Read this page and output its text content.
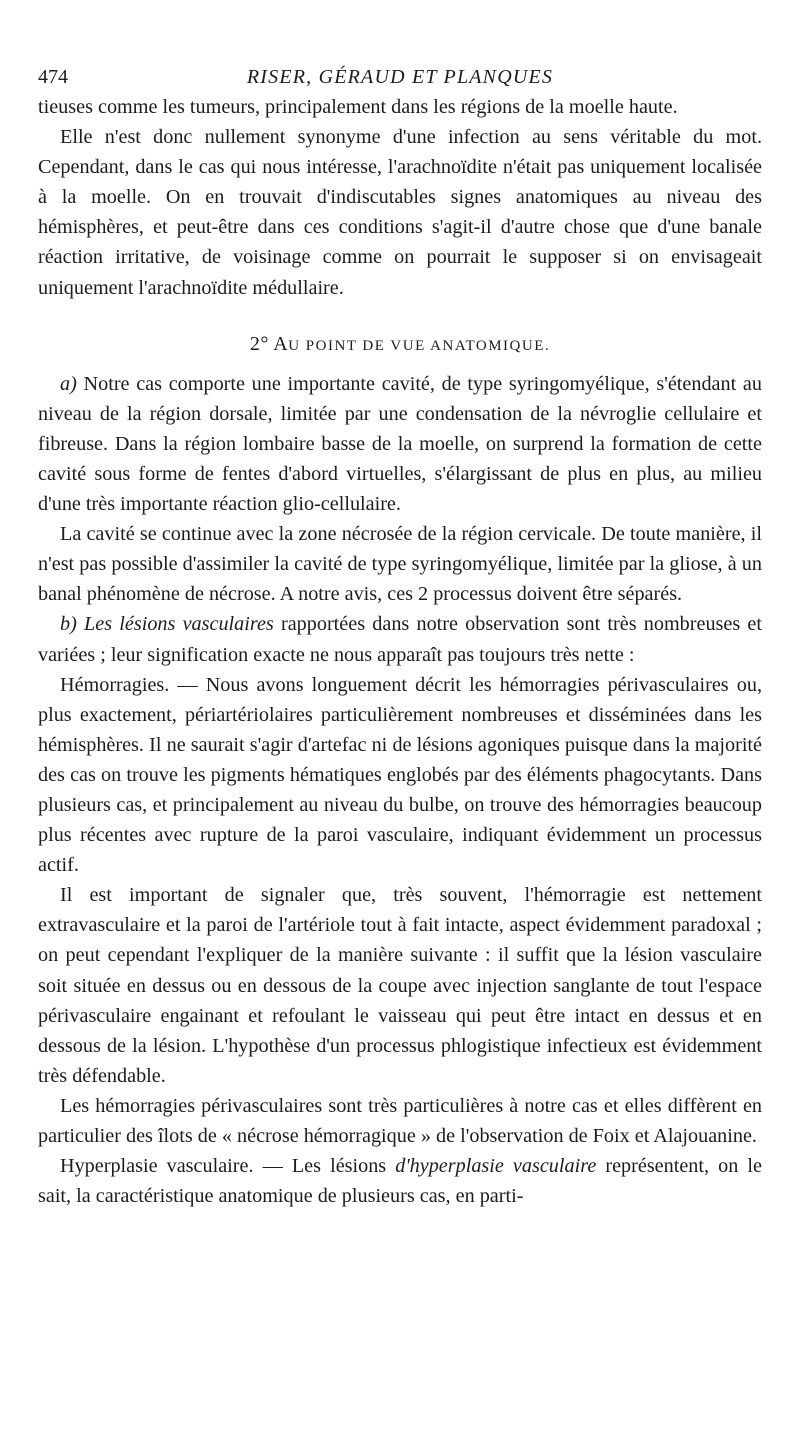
474	RISER, GÉRAUD ET PLANQUES

tieuses comme les tumeurs, principalement dans les régions de la moelle haute.

Elle n'est donc nullement synonyme d'une infection au sens véritable du mot. Cependant, dans le cas qui nous intéresse, l'arachnoïdite n'était pas uniquement localisée à la moelle. On en trouvait d'indiscutables signes anatomiques au niveau des hémisphères, et peut-être dans ces conditions s'agit-il d'autre chose que d'une banale réaction irritative, de voisinage comme on pourrait le supposer si on envisageait uniquement l'arachnoïdite médullaire.

2° AU POINT DE VUE ANATOMIQUE.

a) Notre cas comporte une importante cavité, de type syringomyélique, s'étendant au niveau de la région dorsale, limitée par une condensation de la névroglie cellulaire et fibreuse. Dans la région lombaire basse de la moelle, on surprend la formation de cette cavité sous forme de fentes d'abord virtuelles, s'élargissant de plus en plus, au milieu d'une très importante réaction glio-cellulaire.

La cavité se continue avec la zone nécrosée de la région cervicale. De toute manière, il n'est pas possible d'assimiler la cavité de type syringomyélique, limitée par la gliose, à un banal phénomène de nécrose. A notre avis, ces 2 processus doivent être séparés.

b) Les lésions vasculaires rapportées dans notre observation sont très nombreuses et variées ; leur signification exacte ne nous apparaît pas toujours très nette :

Hémorragies. — Nous avons longuement décrit les hémorragies périvasculaires ou, plus exactement, périartériolaires particulièrement nombreuses et disséminées dans les hémisphères. Il ne saurait s'agir d'artefac ni de lésions agoniques puisque dans la majorité des cas on trouve les pigments hématiques englobés par des éléments phagocytants. Dans plusieurs cas, et principalement au niveau du bulbe, on trouve des hémorragies beaucoup plus récentes avec rupture de la paroi vasculaire, indiquant évidemment un processus actif.

Il est important de signaler que, très souvent, l'hémorragie est nettement extravasculaire et la paroi de l'artériole tout à fait intacte, aspect évidemment paradoxal ; on peut cependant l'expliquer de la manière suivante : il suffit que la lésion vasculaire soit située en dessus ou en dessous de la coupe avec injection sanglante de tout l'espace périvasculaire engainant et refoulant le vaisseau qui peut être intact en dessus et en dessous de la lésion. L'hypothèse d'un processus phlogistique infectieux est évidemment très défendable.

Les hémorragies périvasculaires sont très particulières à notre cas et elles diffèrent en particulier des îlots de « nécrose hémorragique » de l'observation de Foix et Alajouanine.

Hyperplasie vasculaire. — Les lésions d'hyperplasie vasculaire représentent, on le sait, la caractéristique anatomique de plusieurs cas, en parti-
